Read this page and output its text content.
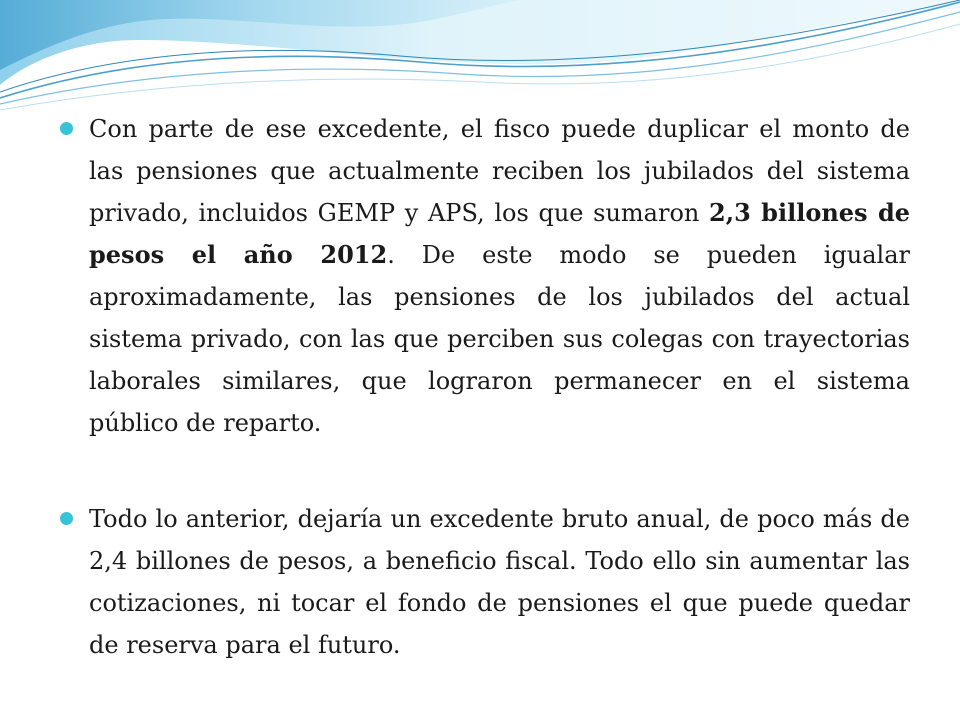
Con parte de ese excedente, el fisco puede duplicar el monto de las pensiones que actualmente reciben los jubilados del sistema privado, incluidos GEMP y APS, los que sumaron 2,3 billones de pesos el año 2012. De este modo se pueden igualar aproximadamente, las pensiones de los jubilados del actual sistema privado, con las que perciben sus colegas con trayectorias laborales similares, que lograron permanecer en el sistema público de reparto.
Todo lo anterior, dejaría un excedente bruto anual, de poco más de 2,4 billones de pesos, a beneficio fiscal. Todo ello sin aumentar las cotizaciones, ni tocar el fondo de pensiones el que puede quedar de reserva para el futuro.
